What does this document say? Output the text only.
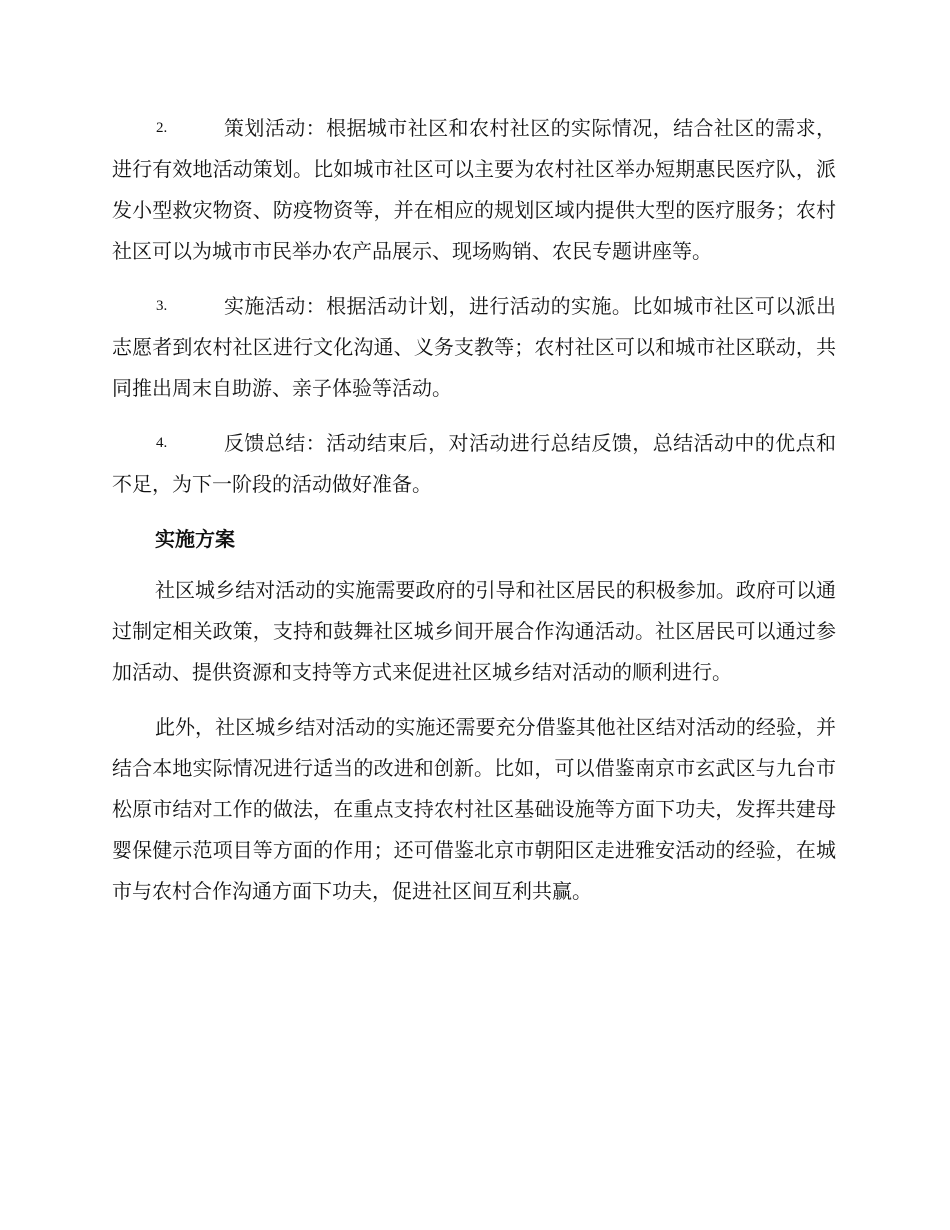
2.	策划活动：根据城市社区和农村社区的实际情况，结合社区的需求，进行有效地活动策划。比如城市社区可以主要为农村社区举办短期惠民医疗队，派发小型救灾物资、防疫物资等，并在相应的规划区域内提供大型的医疗服务；农村社区可以为城市市民举办农产品展示、现场购销、农民专题讲座等。
3.	实施活动：根据活动计划，进行活动的实施。比如城市社区可以派出志愿者到农村社区进行文化沟通、义务支教等；农村社区可以和城市社区联动，共同推出周末自助游、亲子体验等活动。
4.	反馈总结：活动结束后，对活动进行总结反馈，总结活动中的优点和不足，为下一阶段的活动做好准备。
实施方案

社区城乡结对活动的实施需要政府的引导和社区居民的积极参加。政府可以通过制定相关政策，支持和鼓舞社区城乡间开展合作沟通活动。社区居民可以通过参加活动、提供资源和支持等方式来促进社区城乡结对活动的顺利进行。

此外，社区城乡结对活动的实施还需要充分借鉴其他社区结对活动的经验，并结合本地实际情况进行适当的改进和创新。比如，可以借鉴南京市玄武区与九台市松原市结对工作的做法，在重点支持农村社区基础设施等方面下功夫，发挥共建母婴保健示范项目等方面的作用；还可借鉴北京市朝阳区走进雅安活动的经验，在城市与农村合作沟通方面下功夫，促进社区间互利共赢。
